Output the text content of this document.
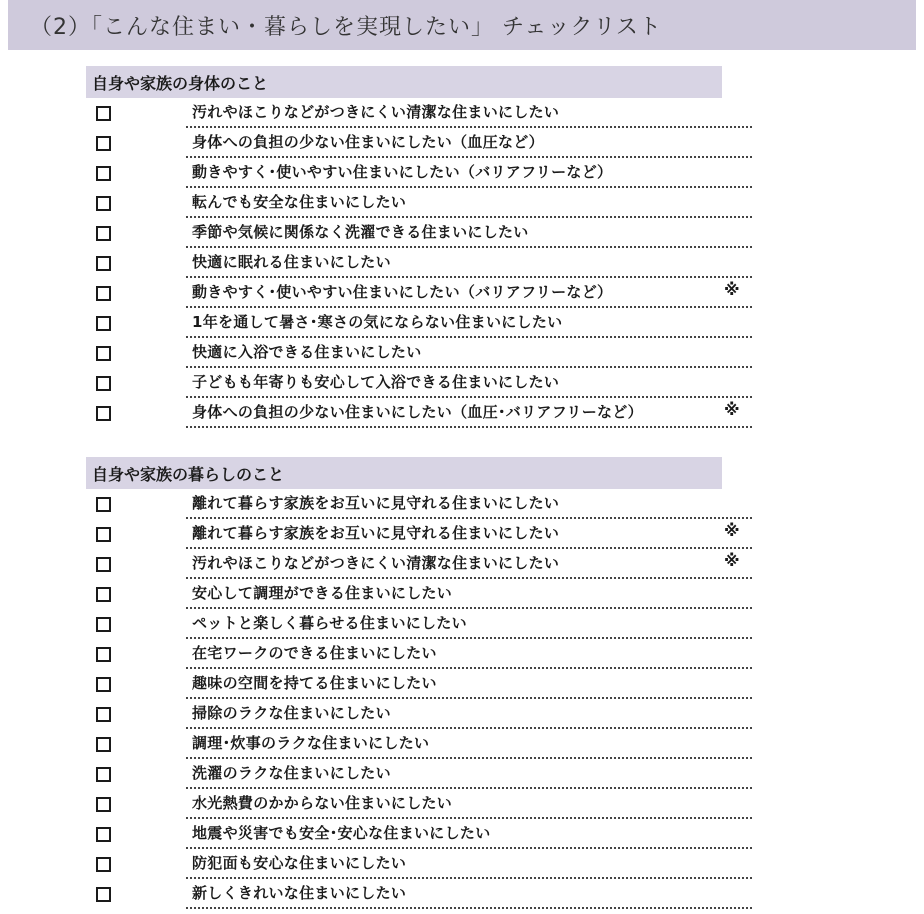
（2）「こんな住まい・暮らしを実現したい」 チェックリスト
自身や家族の身体のこと
汚れやほこりなどがつきにくい清潔な住まいにしたい
身体への負担の少ない住まいにしたい（血圧など）
動きやすく･使いやすい住まいにしたい（バリアフリーなど）
転んでも安全な住まいにしたい
季節や気候に関係なく洗濯できる住まいにしたい
快適に眠れる住まいにしたい
動きやすく･使いやすい住まいにしたい（バリアフリーなど）	※
1年を通して暑さ･寒さの気にならない住まいにしたい
快適に入浴できる住まいにしたい
子どもも年寄りも安心して入浴できる住まいにしたい
身体への負担の少ない住まいにしたい（血圧･バリアフリーなど）	※
自身や家族の暮らしのこと
離れて暮らす家族をお互いに見守れる住まいにしたい
離れて暮らす家族をお互いに見守れる住まいにしたい	※
汚れやほこりなどがつきにくい清潔な住まいにしたい	※
安心して調理ができる住まいにしたい
ペットと楽しく暮らせる住まいにしたい
在宅ワークのできる住まいにしたい
趣味の空間を持てる住まいにしたい
掃除のラクな住まいにしたい
調理･炊事のラクな住まいにしたい
洗濯のラクな住まいにしたい
水光熱費のかからない住まいにしたい
地震や災害でも安全･安心な住まいにしたい
防犯面も安心な住まいにしたい
新しくきれいな住まいにしたい
